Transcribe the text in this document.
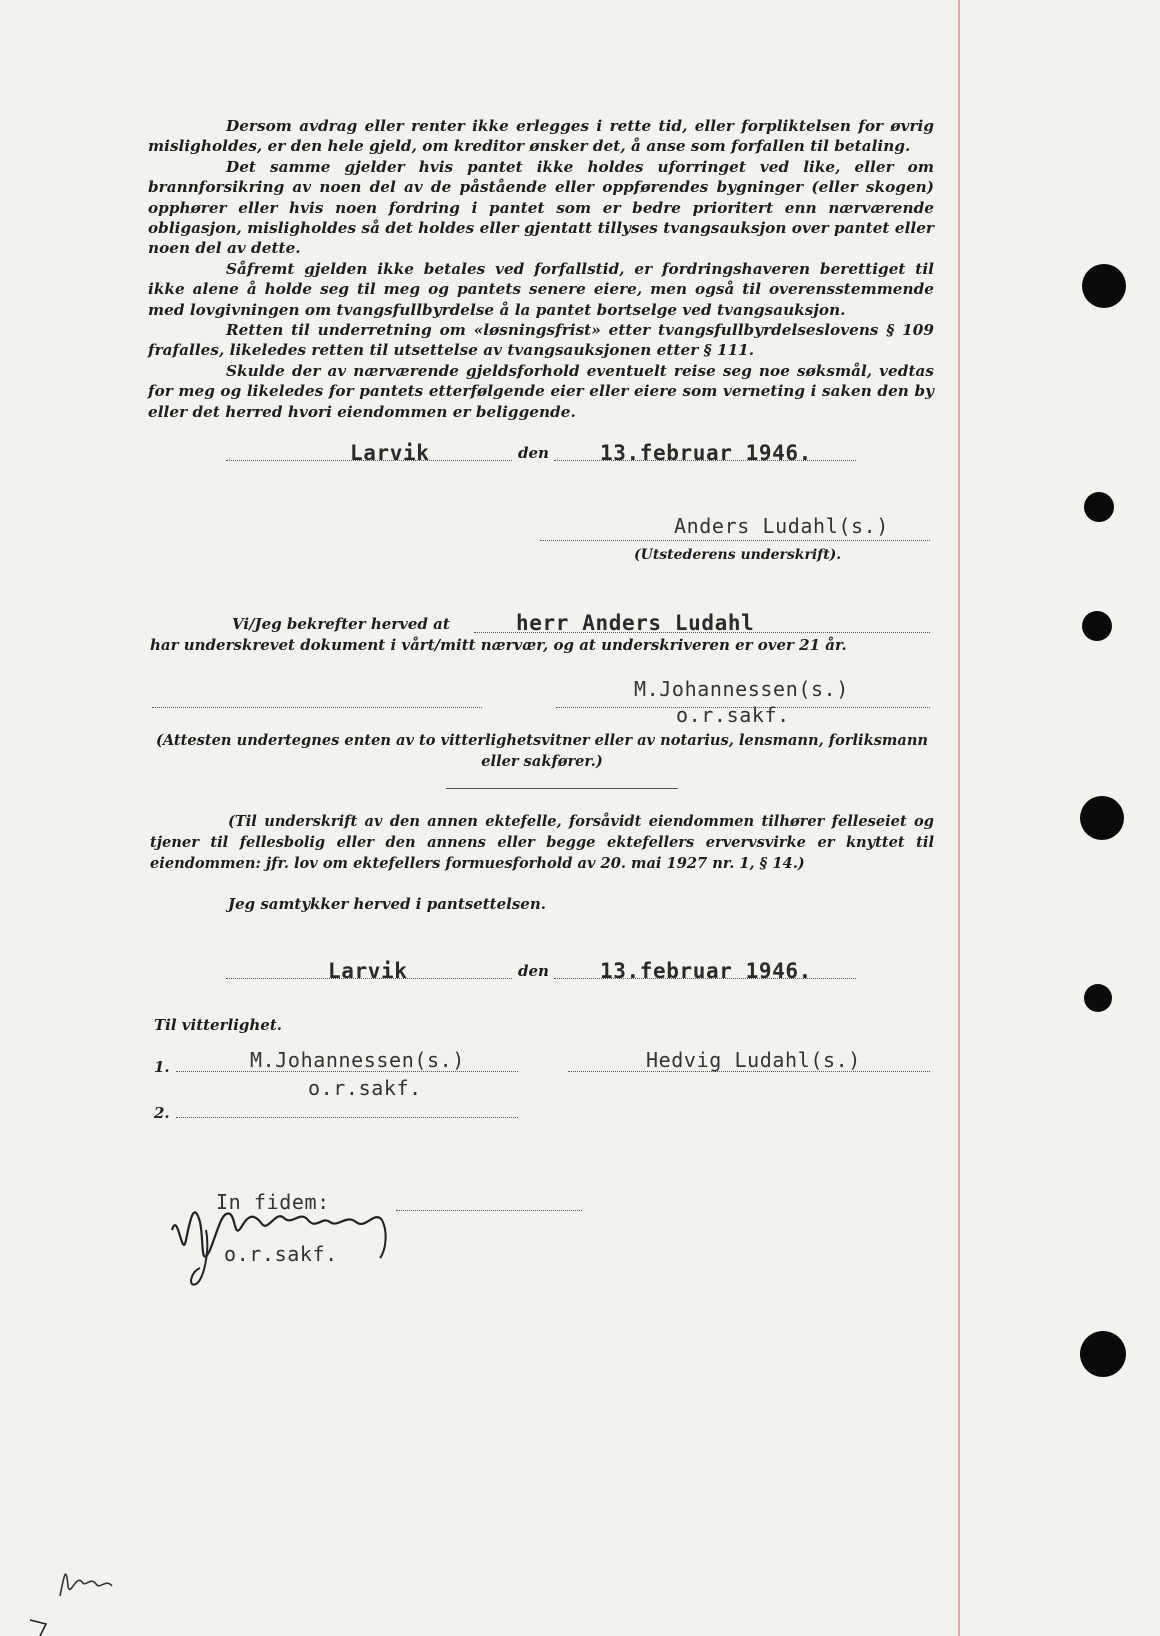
Dersom avdrag eller renter ikke erlegges i rette tid, eller forpliktelsen for øvrig misligholdes, er den hele gjeld, om kreditor ønsker det, å anse som forfallen til betaling.

Det samme gjelder hvis pantet ikke holdes uforringet ved like, eller om brannforsikring av noen del av de påstående eller oppførendes bygninger (eller skogen) opphører eller hvis noen fordring i pantet som er bedre prioritert enn nærværende obligasjon, misligholdes så det holdes eller gjentatt tillyses tvangsauksjon over pantet eller noen del av dette.

Såfremt gjelden ikke betales ved forfallstid, er fordringshaveren berettiget til ikke alene å holde seg til meg og pantets senere eiere, men også til overensstemmende med lovgivningen om tvangsfullbyrdelse å la pantet bortselge ved tvangsauksjon.

Retten til underretning om «løsningsfrist» etter tvangsfullbyrdelseslovens § 109 frafalles, likeledes retten til utsettelse av tvangsauksjonen etter § 111.

Skulde der av nærværende gjeldsforhold eventuelt reise seg noe søksmål, vedtas for meg og likeledes for pantets etterfølgende eier eller eiere som verneting i saken den by eller det herred hvori eiendommen er beliggende.

Larvik	den 13.februar 1946.
Anders Ludahl(s.)
(Utstederens underskrift).
Vi/Jeg bekrefter herved at	herr Anders Ludahl
har underskrevet dokument i vårt/mitt nærvær, og at underskriveren er over 21 år.
M.Johannessen(s.)
o.r.sakf.
(Attesten undertegnes enten av to vitterlighetsvitner eller av notarius, lensmann, forliksmann eller sakfører.)
(Til underskrift av den annen ektefelle, forsåvidt eiendommen tilhører felleseiet og tjener til fellesbolig eller den annens eller begge ektefellers ervervsvirke er knyttet til eiendommen: jfr. lov om ektefellers formuesforhold av 20. mai 1927 nr. 1, § 14.)
Jeg samtykker herved i pantsettelsen.
Larvik	den 13.februar 1946.
Til vitterlighet.
1.	M.Johannessen(s.)
o.r.sakf.
Hedvig Ludahl(s.)
2.
In fidem:
o.r.sakf.
